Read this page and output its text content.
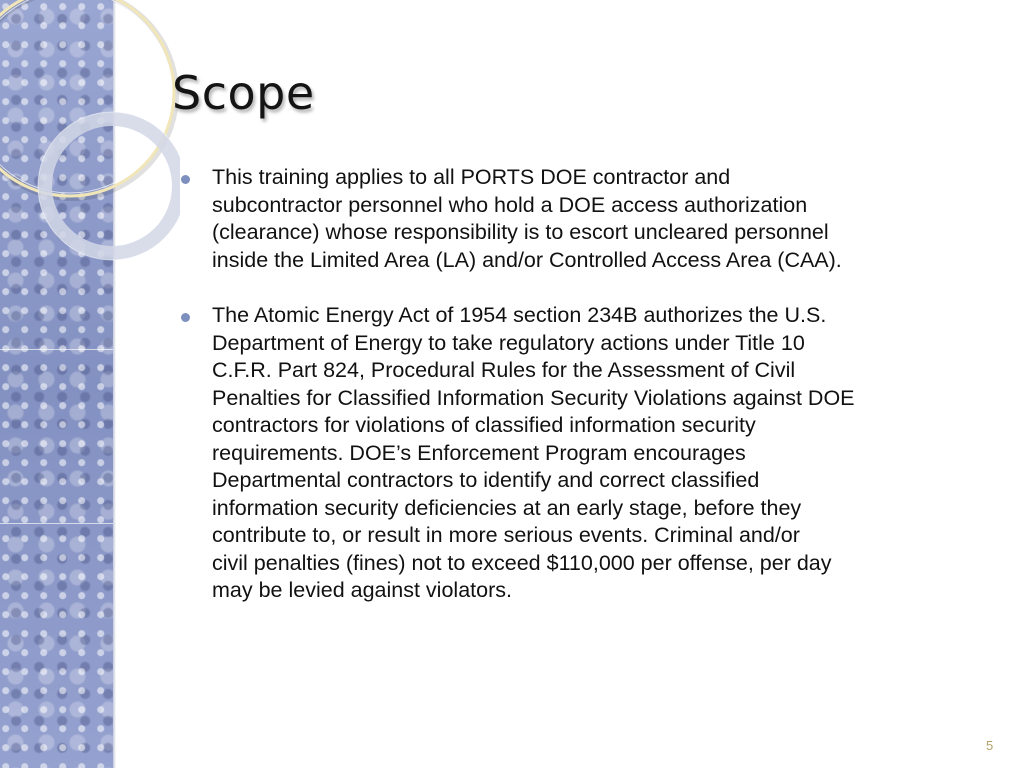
Scope
This training applies to all PORTS DOE contractor and
subcontractor personnel who hold a DOE access authorization
(clearance) whose responsibility is to escort uncleared personnel
inside the Limited Area (LA) and/or Controlled Access Area (CAA).
The Atomic Energy Act of 1954 section 234B authorizes the U.S.
Department of Energy to take regulatory actions under Title 10
C.F.R. Part 824, Procedural Rules for the Assessment of Civil
Penalties for Classified Information Security Violations against DOE
contractors for violations of classified information security
requirements. DOE’s Enforcement Program encourages
Departmental contractors to identify and correct classified
information security deficiencies at an early stage, before they
contribute to, or result in more serious events. Criminal and/or
civil penalties (fines) not to exceed $110,000 per offense, per day
may be levied against violators.
5
